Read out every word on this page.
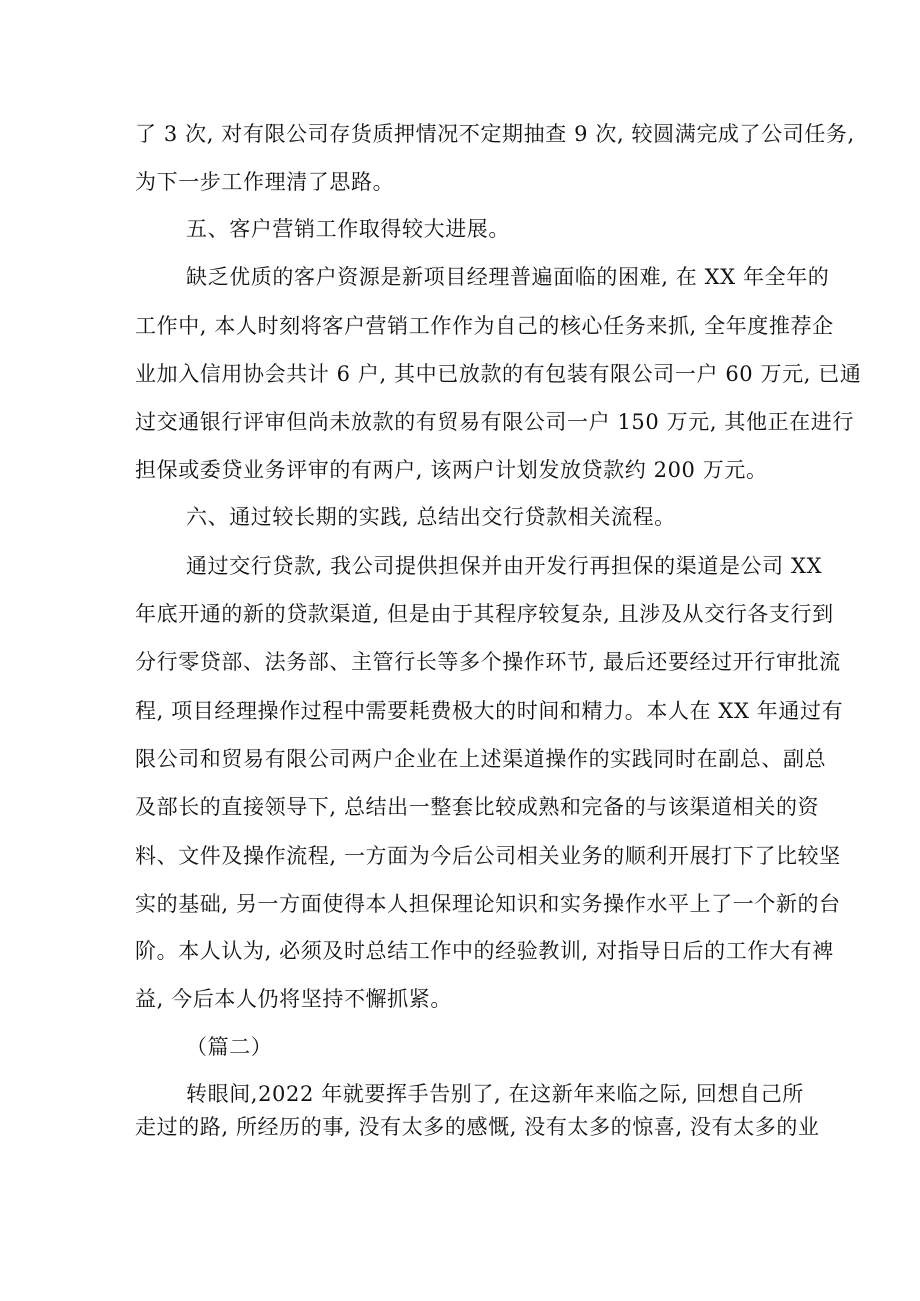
了 3 次, 对有限公司存货质押情况不定期抽查 9 次, 较圆满完成了公司任务,
为下一步工作理清了思路。
五、客户营销工作取得较大进展。
缺乏优质的客户资源是新项目经理普遍面临的困难, 在 XX 年全年的
工作中, 本人时刻将客户营销工作作为自己的核心任务来抓, 全年度推荐企
业加入信用协会共计 6 户, 其中已放款的有包装有限公司一户 60 万元, 已通
过交通银行评审但尚未放款的有贸易有限公司一户 150 万元, 其他正在进行
担保或委贷业务评审的有两户, 该两户计划发放贷款约 200 万元。
六、通过较长期的实践, 总结出交行贷款相关流程。
通过交行贷款, 我公司提供担保并由开发行再担保的渠道是公司 XX
年底开通的新的贷款渠道, 但是由于其程序较复杂, 且涉及从交行各支行到
分行零贷部、法务部、主管行长等多个操作环节, 最后还要经过开行审批流
程, 项目经理操作过程中需要耗费极大的时间和精力。本人在 XX 年通过有
限公司和贸易有限公司两户企业在上述渠道操作的实践同时在副总、副总
及部长的直接领导下, 总结出一整套比较成熟和完备的与该渠道相关的资
料、文件及操作流程, 一方面为今后公司相关业务的顺利开展打下了比较坚
实的基础, 另一方面使得本人担保理论知识和实务操作水平上了一个新的台
阶。本人认为, 必须及时总结工作中的经验教训, 对指导日后的工作大有裨
益, 今后本人仍将坚持不懈抓紧。
（篇二）
转眼间,2022 年就要挥手告别了, 在这新年来临之际, 回想自己所
走过的路, 所经历的事, 没有太多的感慨, 没有太多的惊喜, 没有太多的业
